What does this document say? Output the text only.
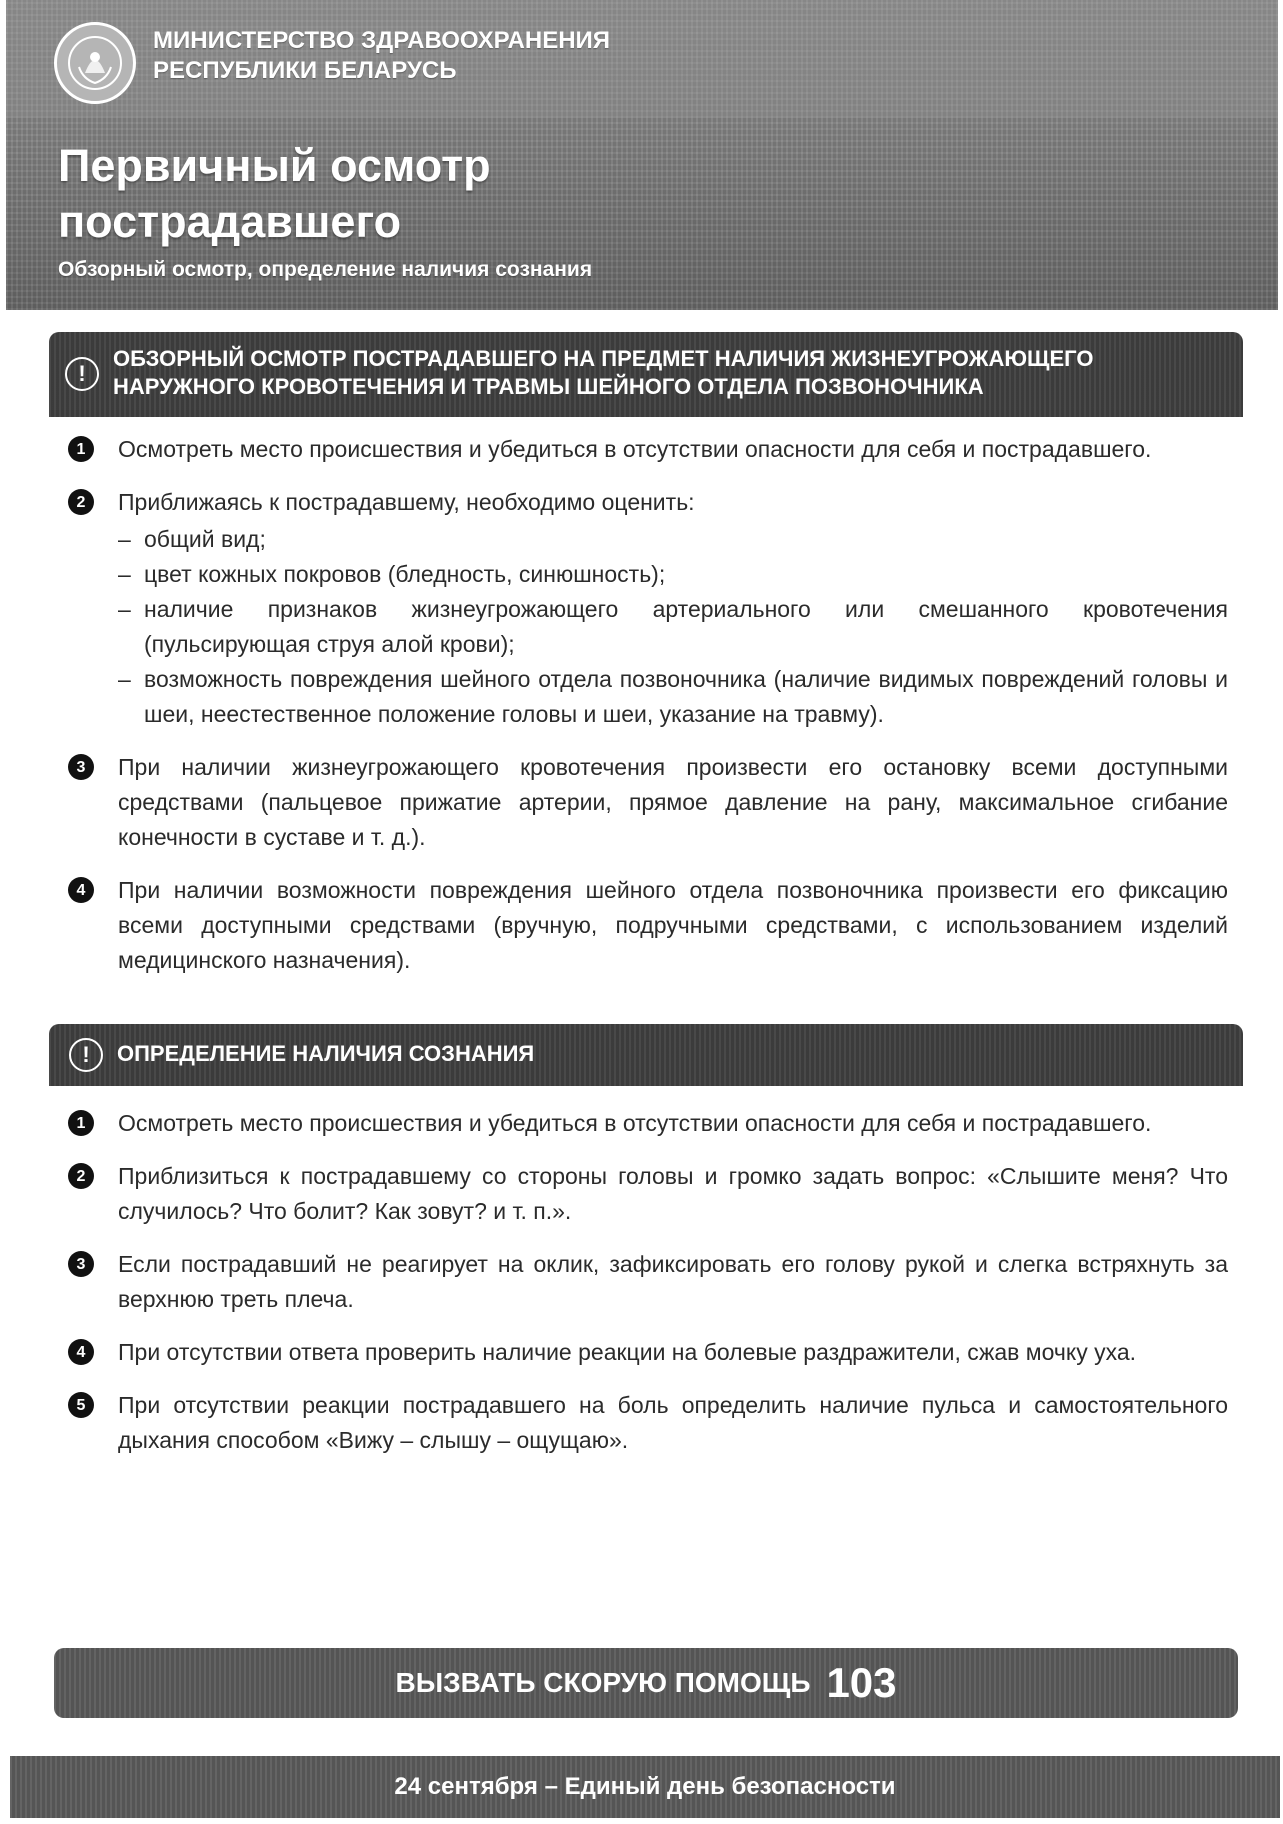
МИНИСТЕРСТВО ЗДРАВООХРАНЕНИЯ
РЕСПУБЛИКИ БЕЛАРУСЬ
Первичный осмотр
пострадавшего
Обзорный осмотр, определение наличия сознания
!
ОБЗОРНЫЙ ОСМОТР ПОСТРАДАВШЕГО НА ПРЕДМЕТ НАЛИЧИЯ ЖИЗНЕУГРОЖАЮЩЕГО НАРУЖНОГО КРОВОТЕЧЕНИЯ И ТРАВМЫ ШЕЙНОГО ОТДЕЛА ПОЗВОНОЧНИКА
1	Осмотреть место происшествия и убедиться в отсутствии опасности для себя и пострадавшего.
2	Приближаясь к пострадавшему, необходимо оценить:
– общий вид;
– цвет кожных покровов (бледность, синюшность);
– наличие признаков жизнеугрожающего артериального или смешанного кровотечения (пульсирующая струя алой крови);
– возможность повреждения шейного отдела позвоночника (наличие видимых повреждений головы и шеи, неестественное положение головы и шеи, указание на травму).
3	При наличии жизнеугрожающего кровотечения произвести его остановку всеми доступными средствами (пальцевое прижатие артерии, прямое давление на рану, максимальное сгибание конечности в суставе и т. д.).
4	При наличии возможности повреждения шейного отдела позвоночника произвести его фиксацию всеми доступными средствами (вручную, подручными средствами, с использованием изделий медицинского назначения).
!	ОПРЕДЕЛЕНИЕ НАЛИЧИЯ СОЗНАНИЯ
1	Осмотреть место происшествия и убедиться в отсутствии опасности для себя и пострадавшего.
2	Приблизиться к пострадавшему со стороны головы и громко задать вопрос: «Слышите меня? Что случилось? Что болит? Как зовут? и т. п.».
3	Если пострадавший не реагирует на оклик, зафиксировать его голову рукой и слегка встряхнуть за верхнюю треть плеча.
4	При отсутствии ответа проверить наличие реакции на болевые раздражители, сжав мочку уха.
5	При отсутствии реакции пострадавшего на боль определить наличие пульса и самостоятельного дыхания способом «Вижу – слышу – ощущаю».
ВЫЗВАТЬ СКОРУЮ ПОМОЩЬ 103
24 сентября – Единый день безопасности
